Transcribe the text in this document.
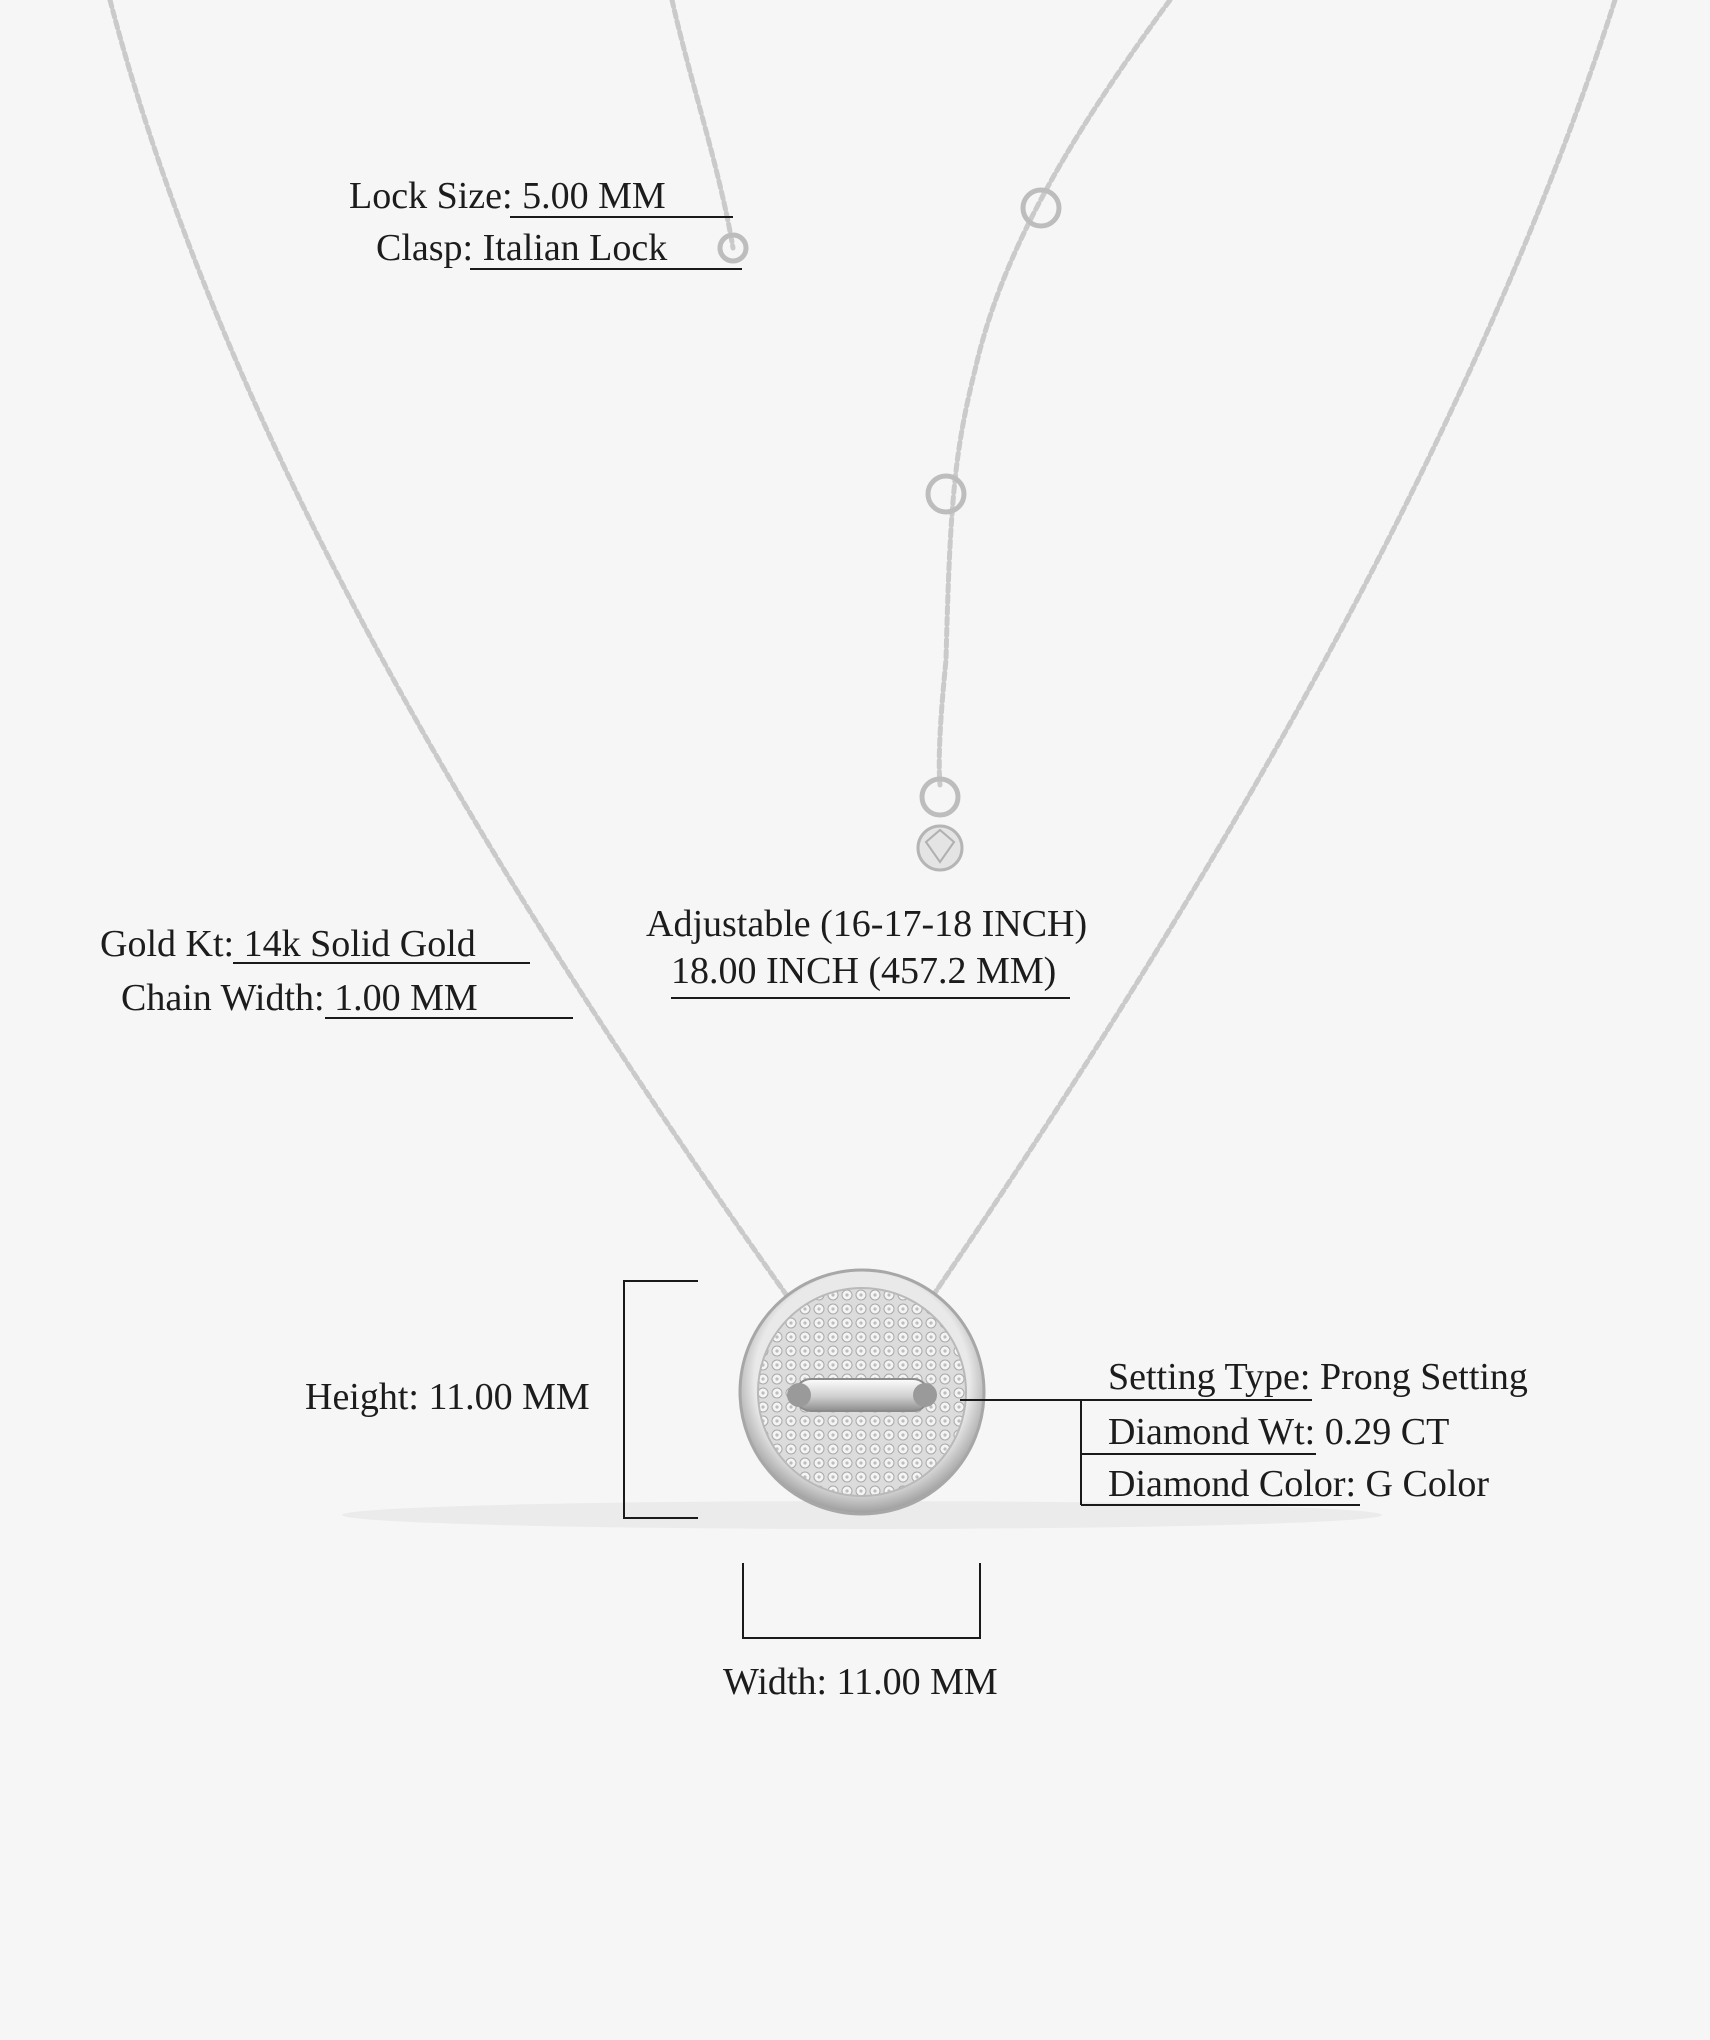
Lock Size: 5.00 MM
Clasp: Italian Lock
Gold Kt: 14k Solid Gold
Chain Width: 1.00 MM
Adjustable (16-17-18 INCH)
18.00 INCH (457.2 MM)
Height: 11.00 MM
Width: 11.00 MM
Setting Type: Prong Setting
Diamond Wt: 0.29 CT
Diamond Color: G Color
